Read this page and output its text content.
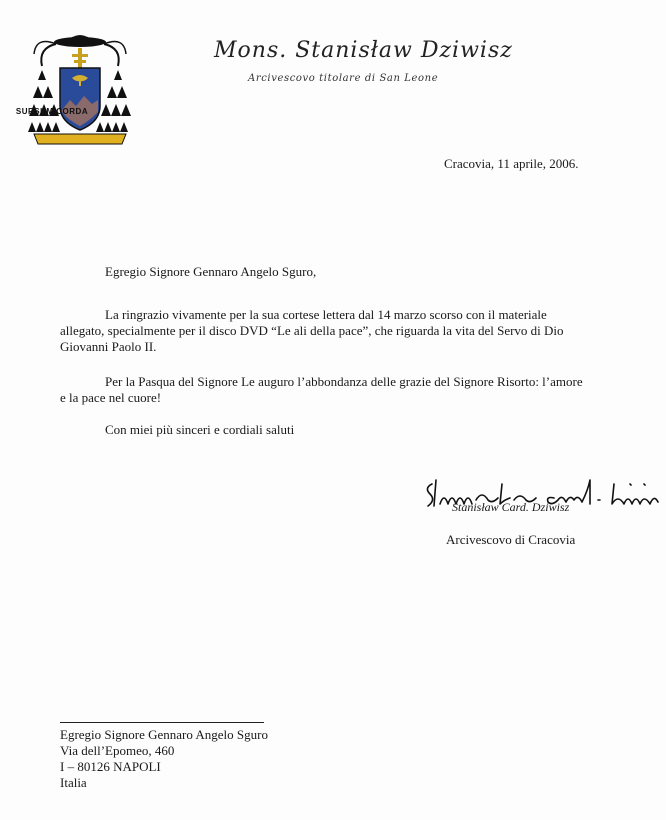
SURSUM CORDA
Mons. Stanisław Dziwisz
Arcivescovo titolare di San Leone
Cracovia, 11 aprile, 2006.
Egregio Signore Gennaro Angelo Sguro,

La ringrazio vivamente per la sua cortese lettera dal 14 marzo scorso con il materiale allegato, specialmente per il disco DVD “Le ali della pace”, che riguarda la vita del Servo di Dio Giovanni Paolo II.

Per la Pasqua del Signore Le auguro l’abbondanza delle grazie del Signore Risorto: l’amore e la pace nel cuore!

Con miei più sinceri e cordiali saluti
Stanisław Card. Dziwisz
Arcivescovo di Cracovia
Egregio Signore Gennaro Angelo Sguro
Via dell’Epomeo, 460
I – 80126 NAPOLI
Italia
